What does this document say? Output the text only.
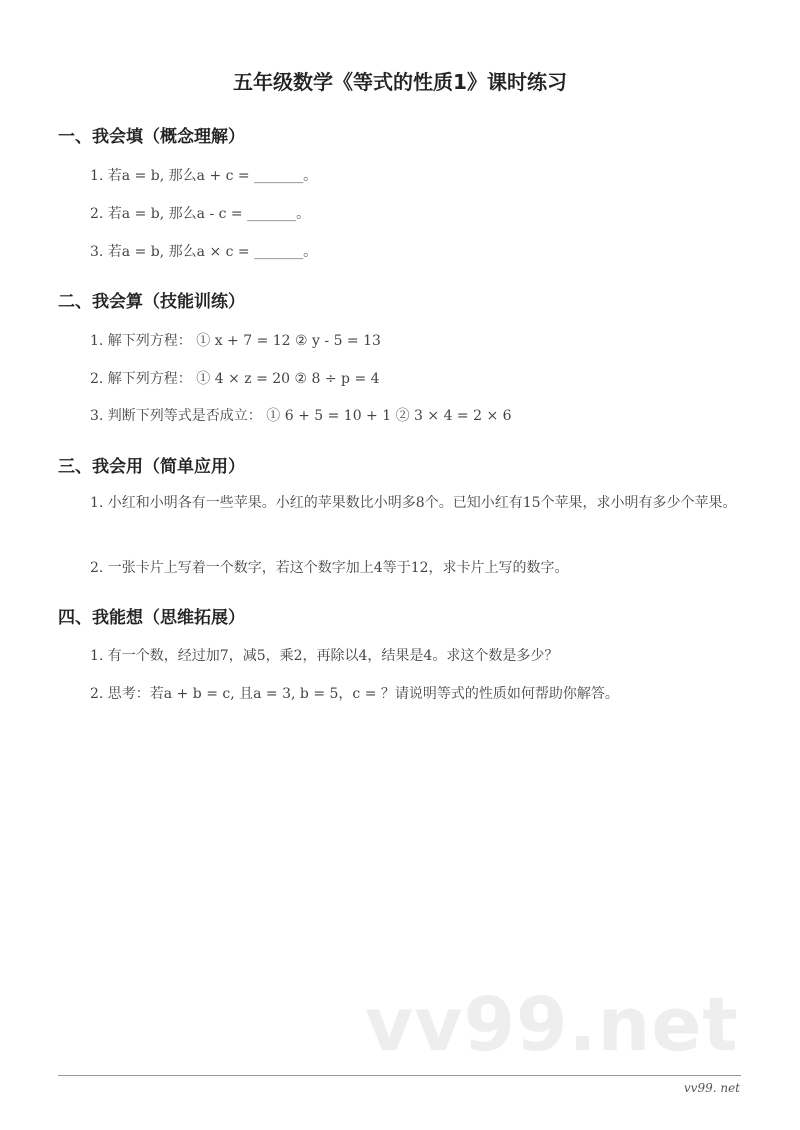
五年级数学《等式的性质1》课时练习
一、我会填（概念理解）
1. 若a = b, 那么a + c = _______。
2. 若a = b, 那么a - c = _______。
3. 若a = b, 那么a × c = _______。
二、我会算（技能训练）
1. 解下列方程： ① x + 7 = 12 ② y - 5 = 13
2. 解下列方程： ① 4 × z = 20 ② 8 ÷ p = 4
3. 判断下列等式是否成立： ① 6 + 5 = 10 + 1 ② 3 × 4 = 2 × 6
三、我会用（简单应用）
1. 小红和小明各有一些苹果。小红的苹果数比小明多8个。已知小红有15个苹果，求小明有多少个苹果。
2. 一张卡片上写着一个数字，若这个数字加上4等于12，求卡片上写的数字。
四、我能想（思维拓展）
1. 有一个数，经过加7，减5，乘2，再除以4，结果是4。求这个数是多少？
2. 思考：若a + b = c, 且a = 3, b = 5，c = ？请说明等式的性质如何帮助你解答。
vv99.net
vv99. net
